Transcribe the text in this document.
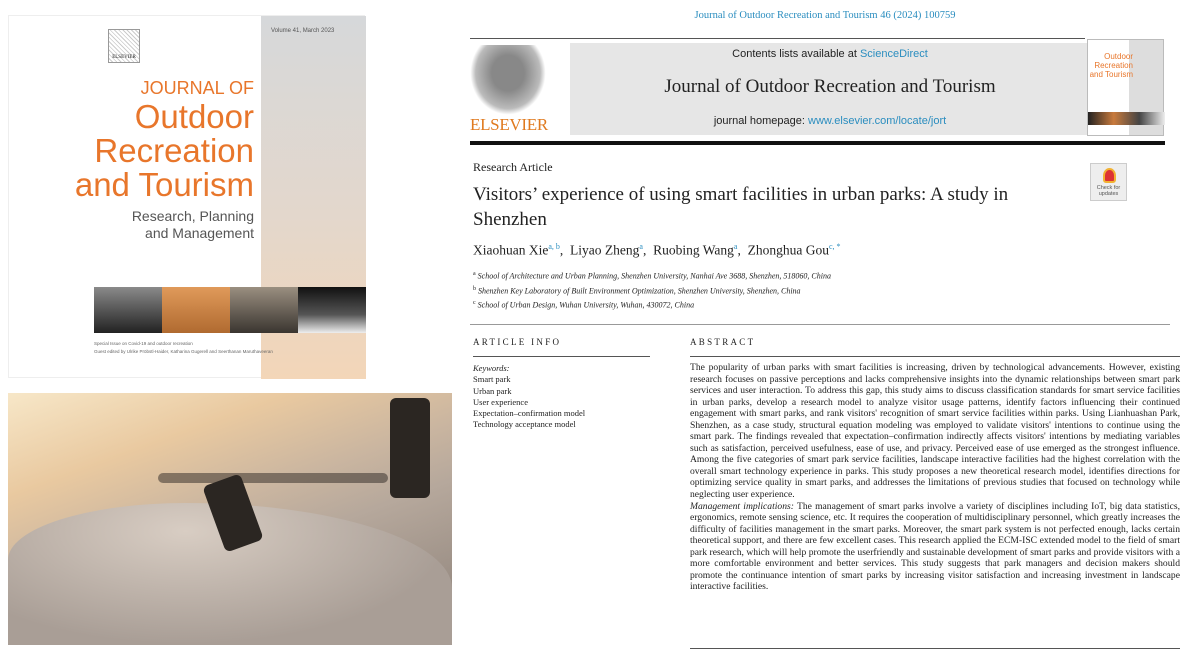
Volume 41, March 2023
ELSEVIER
JOURNAL OF
Outdoor
Recreation
and Tourism
Research, Planning
and Management
Special Issue on Covid-19 and outdoor recreation
Guest edited by Ulrike Pröbstl-Haider, Katharina Gugerell and Seerthanan Maruthaveeran
Journal of Outdoor Recreation and Tourism 46 (2024) 100759
ELSEVIER
Contents lists available at ScienceDirect
Journal of Outdoor Recreation and Tourism
journal homepage: www.elsevier.com/locate/jort
Outdoor Recreation and Tourism
Research Article
Visitors’ experience of using smart facilities in urban parks: A study in Shenzhen
Check for updates
Xiaohuan Xie$^{a, b}$,  Liyao Zheng$^a$,  Ruobing Wang$^a$,  Zhonghua Gou$^{c, *}$
$^a$ School of Architecture and Urban Planning, Shenzhen University, Nanhai Ave 3688, Shenzhen, 518060, China
$^b$ Shenzhen Key Laboratory of Built Environment Optimization, Shenzhen University, Shenzhen, China
$^c$ School of Urban Design, Wuhan University, Wuhan, 430072, China
ARTICLE INFO	ABSTRACT
Keywords:
Smart park
Urban park
User experience
Expectation–confirmation model
Technology acceptance model

The popularity of urban parks with smart facilities is increasing, driven by technological advancements. However, existing research focuses on passive perceptions and lacks comprehensive insights into the dynamic relationships between smart park services and user interaction. To address this gap, this study aims to discuss classification standards for smart service facilities in urban parks, develop a research model to analyze visitor usage patterns, identify factors influencing their continued engagement with smart parks, and rank visitors' recognition of smart service facilities within parks. Using Lianhuashan Park, Shenzhen, as a case study, structural equation modeling was employed to validate visitors' intentions to continue using the smart park. The findings revealed that expectation–confirmation indirectly affects visitors' intentions by mediating variables such as satisfaction, perceived usefulness, ease of use, and privacy. Perceived ease of use emerged as the strongest influence. Among the five categories of smart park service facilities, landscape interactive facilities had the highest correlation with the overall smart technology experience in parks. This study proposes a new theoretical research model, identifies directions for optimizing service quality in smart parks, and addresses the limitations of previous studies that focused on technology while neglecting user experience.

Management implications: The management of smart parks involve a variety of disciplines including IoT, big data statistics, ergonomics, remote sensing science, etc. It requires the cooperation of multidisciplinary personnel, which greatly increases the difficulty of facilities management in the smart parks. Moreover, the smart park system is not perfected enough, lacks certain theoretical support, and there are few excellent cases. This research applied the ECM-ISC extended model to the field of smart park research, which will help promote the userfriendly and sustainable development of smart parks and provide visitors with a more comfortable environment and better services. This study suggests that park managers and decision makers should promote the continuance intention of smart parks by increasing visitor satisfaction and increasing investment in landscape interactive facilities.
